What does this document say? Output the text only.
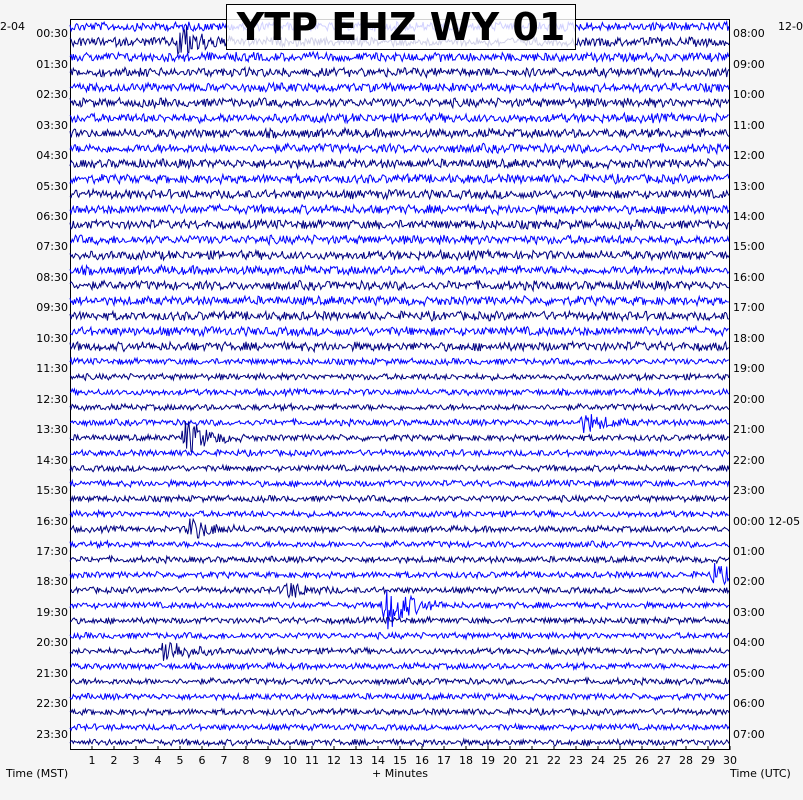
YTP EHZ WY 01
2-04	12-0
00:30
01:30
02:30
03:30
04:30
05:30
06:30
07:30
08:30
09:30
10:30
11:30
12:30
13:30
14:30
15:30
16:30
17:30
18:30
19:30
20:30
21:30
22:30
23:30
08:00
09:00
10:00
11:00
12:00
13:00
14:00
15:00
16:00
17:00
18:00
19:00
20:00
21:00
22:00
23:00
00:00 12-05
01:00
02:00
03:00
04:00
05:00
06:00
07:00
1	2	3	4	5	6	7	8	9	10 11 12 13 14 15 16 17 18 19 20 21 22 23 24 25 26 27 28 29 30
Time (MST)	+ Minutes	Time (UTC)
